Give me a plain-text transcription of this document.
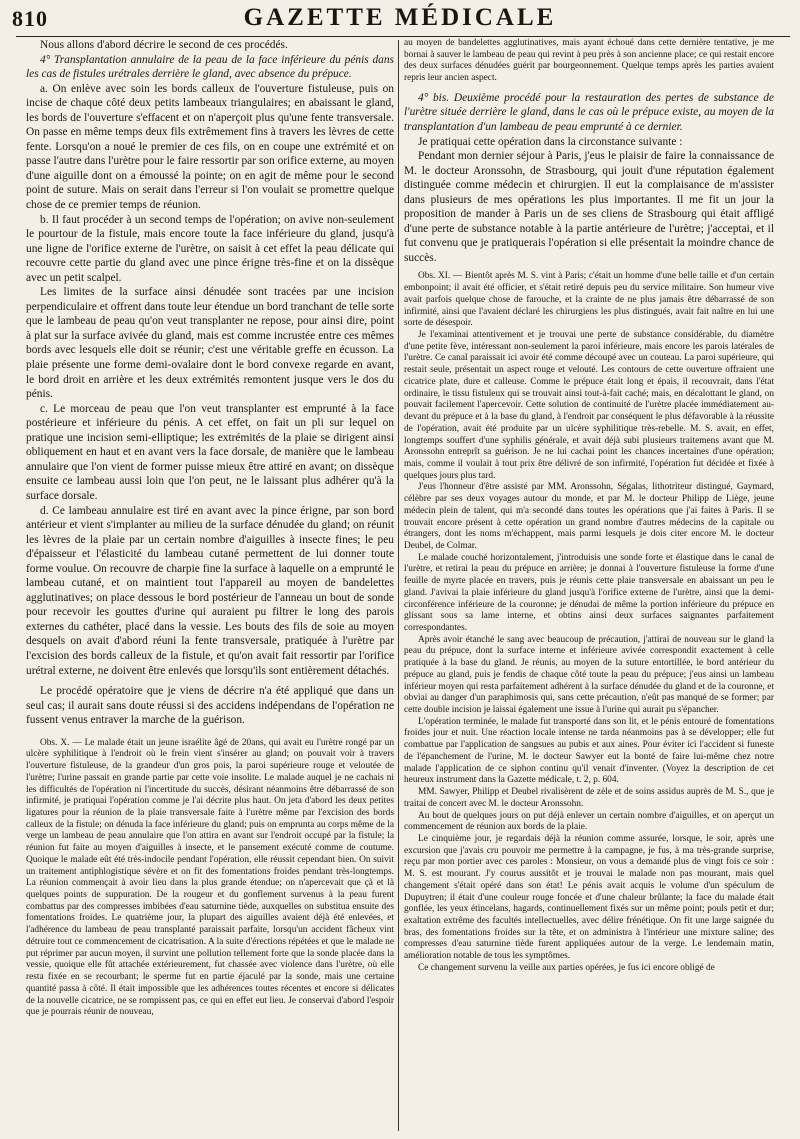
810	GAZETTE MÉDICALE

Nous allons d'abord décrire le second de ces procédés.

4° Transplantation annulaire de la peau de la face inférieure du pénis dans les cas de fistules urétrales derrière le gland, avec absence du prépuce.

a. On enlève avec soin les bords calleux de l'ouverture fistuleuse, puis on incise de chaque côté deux petits lambeaux triangulaires; en abaissant le gland, les bords de l'ouverture s'effacent et on n'aperçoit plus qu'une fente transversale. On passe en même temps deux fils extrêmement fins à travers les lèvres de cette fente. Lorsqu'on a noué le premier de ces fils, on en coupe une extrémité et on passe l'autre dans l'urètre pour le faire ressortir par son orifice externe, au moyen d'une aiguille dont on a émoussé la pointe; on en agit de même pour le second point de suture. Mais on serait dans l'erreur si l'on voulait se promettre quelque chose de ce premier temps de réunion.

b. Il faut procéder à un second temps de l'opération; on avive non-seulement le pourtour de la fistule, mais encore toute la face inférieure du gland, jusqu'à une ligne de l'orifice externe de l'urètre, on saisit à cet effet la peau délicate qui recouvre cette partie du gland avec une pince érigne très-fine et on la dissèque avec un petit scalpel.

Les limites de la surface ainsi dénudée sont tracées par une incision perpendiculaire et offrent dans toute leur étendue un bord tranchant de telle sorte que le lambeau de peau qu'on veut transplanter ne repose, pour ainsi dire, point à plat sur la surface avivée du gland, mais est comme incrustée entre ces mêmes bords avec lesquels elle doit se réunir; c'est une véritable greffe en écusson. La plaie présente une forme demi-ovalaire dont le bord convexe regarde en avant, le bord droit en arrière et les deux extrémités remontent jusque vers le dos du pénis.

c. Le morceau de peau que l'on veut transplanter est emprunté à la face postérieure et inférieure du pénis. A cet effet, on fait un pli sur lequel on pratique une incision semi-elliptique; les extrémités de la plaie se dirigent ainsi obliquement en haut et en avant vers la face dorsale, de manière que le lambeau annulaire que l'on vient de former puisse mieux être attiré en avant; on dissèque ensuite ce lambeau aussi loin que l'on peut, ne le laissant plus adhérer qu'à la surface dorsale.

d. Ce lambeau annulaire est tiré en avant avec la pince érigne, par son bord antérieur et vient s'implanter au milieu de la surface dénudée du gland; on réunit les lèvres de la plaie par un certain nombre d'aiguilles à insecte fines; le peu d'épaisseur et l'élasticité du lambeau cutané permettent de lui donner toute forme voulue. On recouvre de charpie fine la surface à laquelle on a emprunté le lambeau cutané, et on maintient tout l'appareil au moyen de bandelettes agglutinatives; on place dessous le bord postérieur de l'anneau un bout de sonde pour recevoir les gouttes d'urine qui auraient pu filtrer le long des parois externes du cathéter, placé dans la vessie. Les bouts des fils de soie au moyen desquels on avait d'abord réuni la fente transversale, pratiquée à l'urètre par l'excision des bords calleux de la fistule, et qu'on avait fait ressortir par l'orifice urétral externe, ne doivent être enlevés que lorsqu'ils sont entièrement détachés.

Le procédé opératoire que je viens de décrire n'a été appliqué que dans un seul cas; il aurait sans doute réussi si des accidens indépendans de l'opération ne fussent venus entraver la marche de la guérison.

Obs. X. — Le malade était un jeune israélite âgé de 20ans, qui avait eu l'urètre rongé par un ulcère syphilitique à l'endroit où le frein vient s'insérer au gland; on pouvait voir à travers l'ouverture fistuleuse, de la grandeur d'un gros pois, la paroi supérieure rouge et veloutée de l'urètre; l'urine passait en grande partie par cette voie insolite. Le malade auquel je ne cachais ni les difficultés de l'opération ni l'incertitude du succès, désirant néanmoins être débarrassé de son infirmité, je pratiquai l'opération comme je l'ai décrite plus haut. On jeta d'abord les deux petites ligatures pour la réunion de la plaie transversale faite à l'urètre même par l'excision des bords calleux de la fistule; on dénuda la face inférieure du gland; puis on emprunta au corps même de la verge un lambeau de peau annulaire que l'on attira en avant sur l'endroit occupé par la fistule; la réunion fut faite au moyen d'aiguilles à insecte, et le pansement exécuté comme de coutume. Quoique le malade eût été très-indocile pendant l'opération, elle réussit cependant bien. On suivit un traitement antiphlogistique sévère et on fit des fomentations froides pendant très-longtemps. La réunion commençait à avoir lieu dans la plus grande étendue; on n'apercevait que çà et là quelques points de suppuration. De la rougeur et du gonflement survenus à la peau furent combattus par des compresses imbibées d'eau saturnine tiède, auxquelles on substitua ensuite des fomentations froides. Le quatrième jour, la plupart des aiguilles avaient déjà été enlevées, et l'adhérence du lambeau de peau transplanté paraissait parfaite, lorsqu'un accident fâcheux vint détruire tout ce commencement de cicatrisation. A la suite d'érections répétées et que le malade ne put réprimer par aucun moyen, il survint une pollution tellement forte que la sonde placée dans la vessie, quoique elle fût attachée extérieurement, fut chassée avec violence dans l'urètre, où elle resta fixée en se recourbant; le sperme fut en partie éjaculé par la sonde, mais une certaine quantité passa à côté. Il était impossible que les adhérences toutes récentes et encore si délicates de la nouvelle cicatrice, ne se rompissent pas, ce qui en effet eut lieu. Je conservai d'abord l'espoir que je pourrais réunir de nouveau,

au moyen de bandelettes agglutinatives, mais ayant échoué dans cette dernière tentative, je me bornai à sauver le lambeau de peau qui revint à peu près à son ancienne place; ce qui restait encore des deux surfaces dénudées guérit par bourgeonnement. Quelque temps après les parties avaient repris leur ancien aspect.

4° bis. Deuxième procédé pour la restauration des pertes de substance de l'urètre située derrière le gland, dans le cas où le prépuce existe, au moyen de la transplantation d'un lambeau de peau emprunté à ce dernier.

Je pratiquai cette opération dans la circonstance suivante :

Pendant mon dernier séjour à Paris, j'eus le plaisir de faire la connaissance de M. le docteur Aronssohn, de Strasbourg, qui jouit d'une réputation également distinguée comme médecin et chirurgien. Il eut la complaisance de m'assister dans plusieurs de mes opérations les plus importantes. Il me fit un jour la proposition de mander à Paris un de ses cliens de Strasbourg qui était affligé d'une perte de substance notable à la partie antérieure de l'urètre; j'acceptai, et il fut convenu que je pratiquerais l'opération si elle présentait la moindre chance de succès.

Obs. XI. — Bientôt après M. S. vint à Paris; c'était un homme d'une belle taille et d'un certain embonpoint; il avait été officier, et s'était retiré depuis peu du service militaire. Son humeur vive avait parfois quelque chose de farouche, et la crainte de ne plus jamais être débarrassé de son infirmité, ainsi que l'avaient déclaré les chirurgiens les plus distingués, avait fait naître en lui une sorte de désespoir.

Je l'examinai attentivement et je trouvai une perte de substance considérable, du diamètre d'une petite fève, intéressant non-seulement la paroi inférieure, mais encore les parois latérales de l'urètre. Ce canal paraissait ici avoir été comme découpé avec un couteau. La paroi supérieure, qui restait seule, présentait un aspect rouge et velouté. Les contours de cette ouverture offraient une cicatrice plate, dure et calleuse. Comme le prépuce était long et épais, il recouvrait, dans l'état ordinaire, le tissu fistuleux qui se trouvait ainsi tout-à-fait caché; mais, en décalottant le gland, on pouvait facilement l'apercevoir. Cette solution de continuité de l'urètre placée immédiatement au-devant du prépuce et à la base du gland, à l'endroit par conséquent le plus défavorable à la réussite de l'opération, avait été produite par un ulcère syphilitique très-rebelle. M. S. avait, en effet, longtemps souffert d'une syphilis générale, et avait déjà subi plusieurs traitemens avant que M. Aronssohn entreprît sa guérison. Je ne lui cachai point les chances incertaines d'une opération; mais, comme il voulait à tout prix être délivré de son infirmité, l'opération fut décidée et fixée à quelques jours plus tard.

J'eus l'honneur d'être assisté par MM. Aronssohn, Ségalas, lithotriteur distingué, Gaymard, célèbre par ses deux voyages autour du monde, et par M. le docteur Philipp de Liège, jeune médecin plein de talent, qui m'a secondé dans toutes les opérations que j'ai faites à Paris. Il se trouvait encore présent à cette opération un grand nombre d'autres médecins de la capitale ou étrangers, dont les noms m'échappent, mais parmi lesquels je dois citer encore M. le docteur Deubel, de Colmar.

Le malade couché horizontalement, j'introduisis une sonde forte et élastique dans le canal de l'urètre, et retirai la peau du prépuce en arrière; je donnai à l'ouverture fistuleuse la forme d'une feuille de myrte placée en travers, puis je réunis cette plaie transversale en abaissant un peu le gland. J'avivai la plaie inférieure du gland jusqu'à l'orifice externe de l'urètre, ainsi que la demi-circonférence inférieure de la couronne; je dénudai de même la portion inférieure du prépuce en glissant sous sa lame interne, et obtins ainsi deux surfaces saignantes parfaitement correspondantes.

Après avoir étanché le sang avec beaucoup de précaution, j'attirai de nouveau sur le gland la peau du prépuce, dont la surface interne et inférieure avivée correspondit exactement à celle pratiquée à la base du gland. Je réunis, au moyen de la suture entortillée, le bord antérieur du prépuce au gland, puis je fendis de chaque côté toute la peau du prépuce; j'eus ainsi un lambeau inférieur moyen qui resta parfaitement adhérent à la surface dénudée du gland et de la couronne, et obviai au danger d'un paraphimosis qui, sans cette précaution, n'eût pas manqué de se former; par cette double incision je laissai également une issue à l'urine qui aurait pu s'épancher.

L'opération terminée, le malade fut transporté dans son lit, et le pénis entouré de fomentations froides jour et nuit. Une réaction locale intense ne tarda néanmoins pas à se développer; elle fut combattue par l'application de sangsues au pubis et aux aines. Pour éviter ici l'accident si funeste de l'épanchement de l'urine, M. le docteur Sawyer eut la bonté de faire lui-même chez notre malade l'application de ce siphon continu qu'il venait d'inventer. (Voyez la description de cet heureux instrument dans la Gazette médicale, t. 2, p. 604.

MM. Sawyer, Philipp et Deubel rivalisèrent de zèle et de soins assidus auprès de M. S., que je traitai de concert avec M. le docteur Aronssohn.

Au bout de quelques jours on put déjà enlever un certain nombre d'aiguilles, et on aperçut un commencement de réunion aux bords de la plaie.

Le cinquième jour, je regardais déjà la réunion comme assurée, lorsque, le soir, après une excursion que j'avais cru pouvoir me permettre à la campagne, je fus, à ma très-grande surprise, reçu par mon portier avec ces paroles : Monsieur, on vous a demandé plus de vingt fois ce soir : M. S. est mourant. J'y courus aussitôt et je trouvai le malade non pas mourant, mais quel changement s'était opéré dans son état! Le pénis avait acquis le volume d'un spéculum de Dupuytren; il était d'une couleur rouge foncée et d'une chaleur brûlante; la face du malade était gonflée, les yeux étincelans, hagards, continuellement fixés sur un même point; pouls petit et dur; exaltation extrême des facultés intellectuelles, avec délire frénétique. On fit une large saignée du bras, des fomentations froides sur la tête, et on administra à l'intérieur une mixture saline; des compresses d'eau saturnine tiède furent appliquées autour de la verge. Le lendemain matin, amélioration notable de tous les symptômes.

Ce changement survenu la veille aux parties opérées, je fus ici encore obligé de
